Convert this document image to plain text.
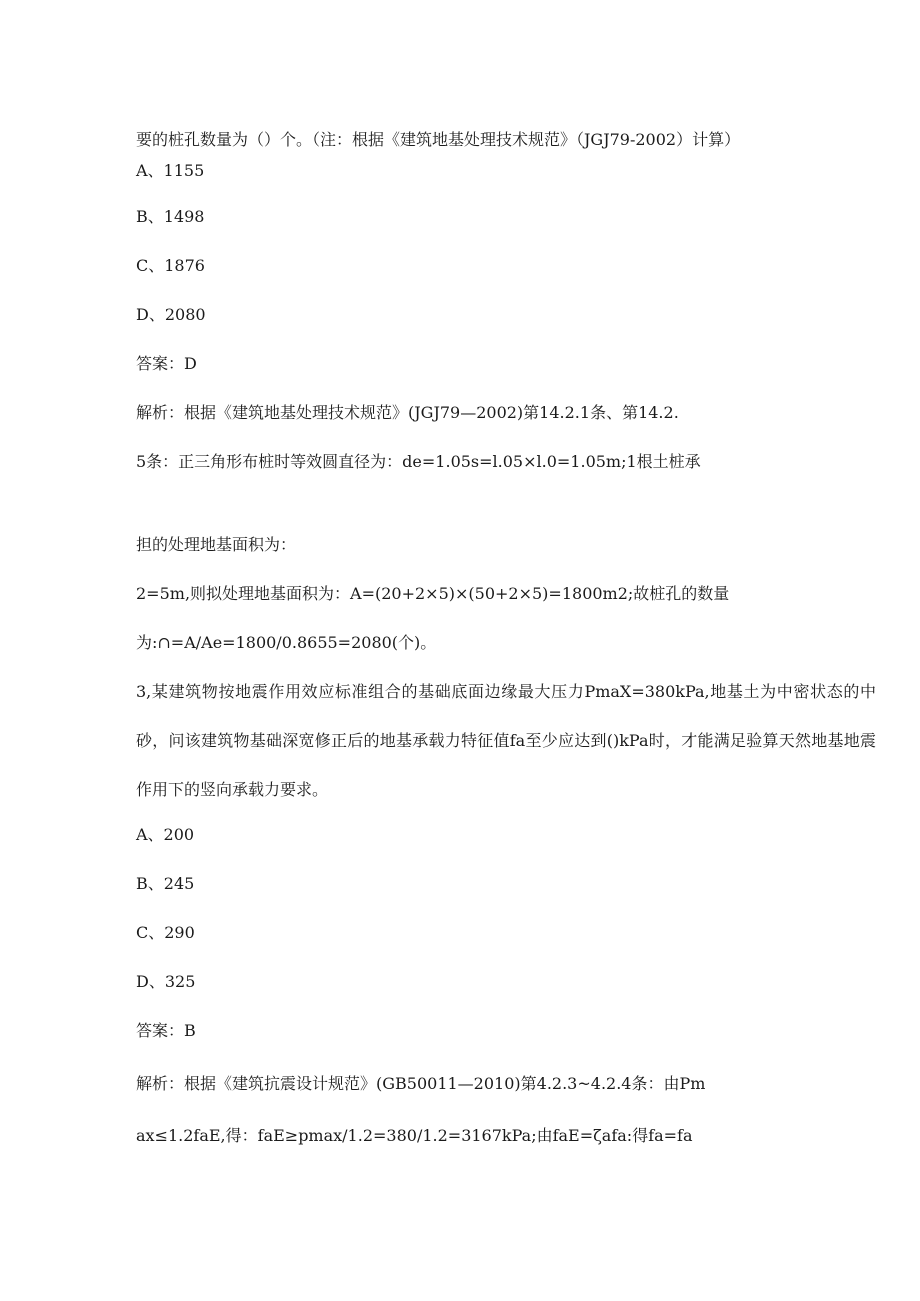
要的桩孔数量为（）个。（注：根据《建筑地基处理技术规范》（JGJ79-2002）计算）
A、1155
B、1498
C、1876
D、2080
答案：D
解析：根据《建筑地基处理技术规范》(JGJ79—2002)第14.2.1条、第14.2.
5条：正三角形布桩时等效圆直径为：de=1.05s=l.05×l.0=1.05m;1根土桩承
担的处理地基面积为：
2=5m,则拟处理地基面积为：A=(20+2×5)×(50+2×5)=1800m2;故桩孔的数量
为:∩=A/Ae=1800/0.8655=2080(个)。
3,某建筑物按地震作用效应标准组合的基础底面边缘最大压力PmaX=380kPa,地基土为中密状态的中砂，问该建筑物基础深宽修正后的地基承载力特征值fa至少应达到()kPa时，才能满足验算天然地基地震作用下的竖向承载力要求。
A、200
B、245
C、290
D、325
答案：B
解析：根据《建筑抗震设计规范》(GB50011—2010)第4.2.3~4.2.4条：由Pm
ax≤1.2faE,得：faE≥pmax/1.2=380/1.2=3167kPa;由faE=ζafa:得fa=fa
